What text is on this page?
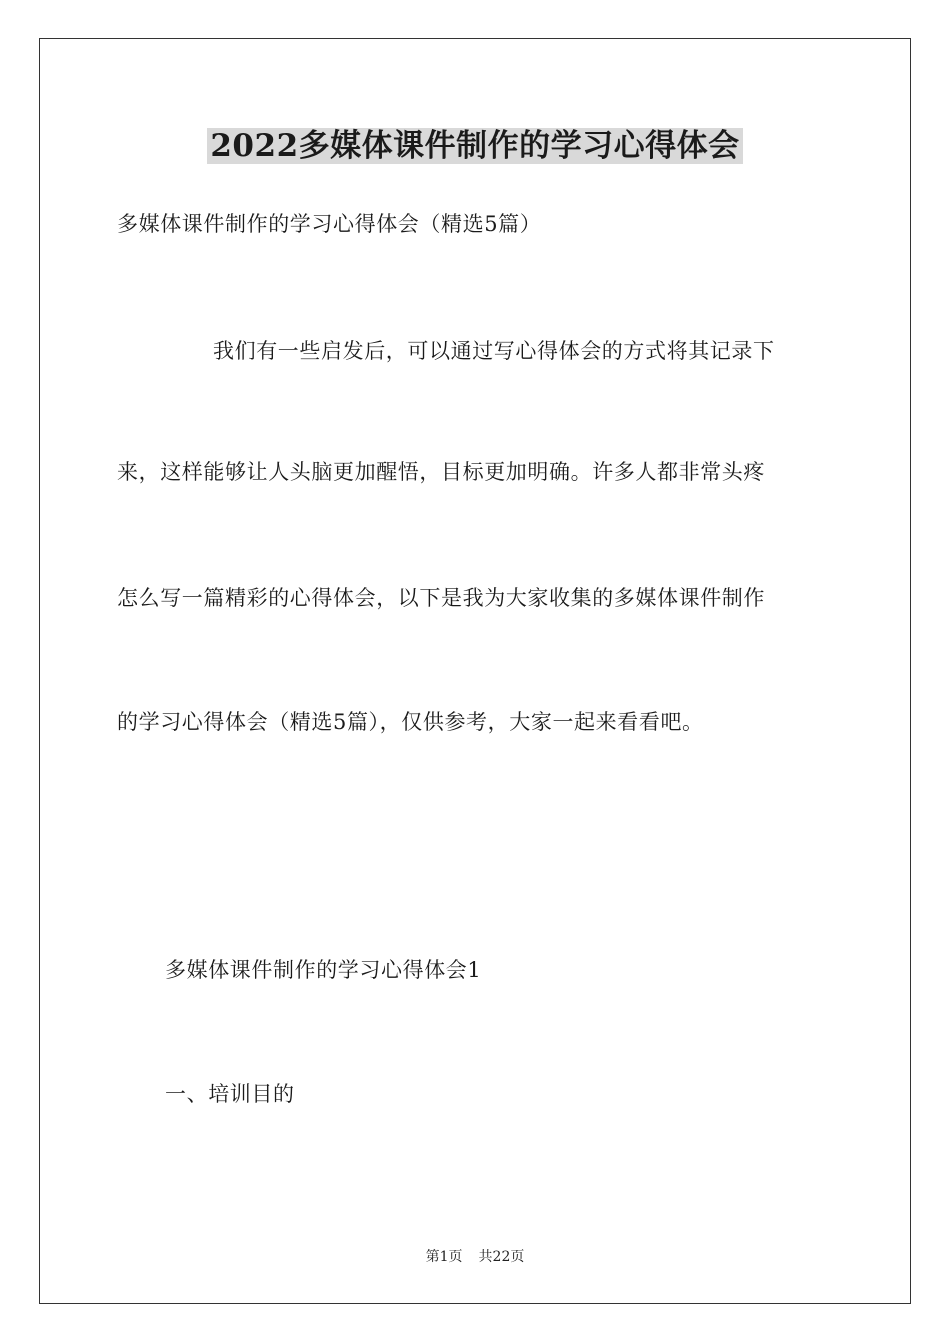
2022多媒体课件制作的学习心得体会
多媒体课件制作的学习心得体会（精选5篇）
我们有一些启发后，可以通过写心得体会的方式将其记录下
来，这样能够让人头脑更加醒悟，目标更加明确。许多人都非常头疼
怎么写一篇精彩的心得体会，以下是我为大家收集的多媒体课件制作
的学习心得体会（精选5篇），仅供参考，大家一起来看看吧。
多媒体课件制作的学习心得体会1
一、培训目的
第1页 共22页
